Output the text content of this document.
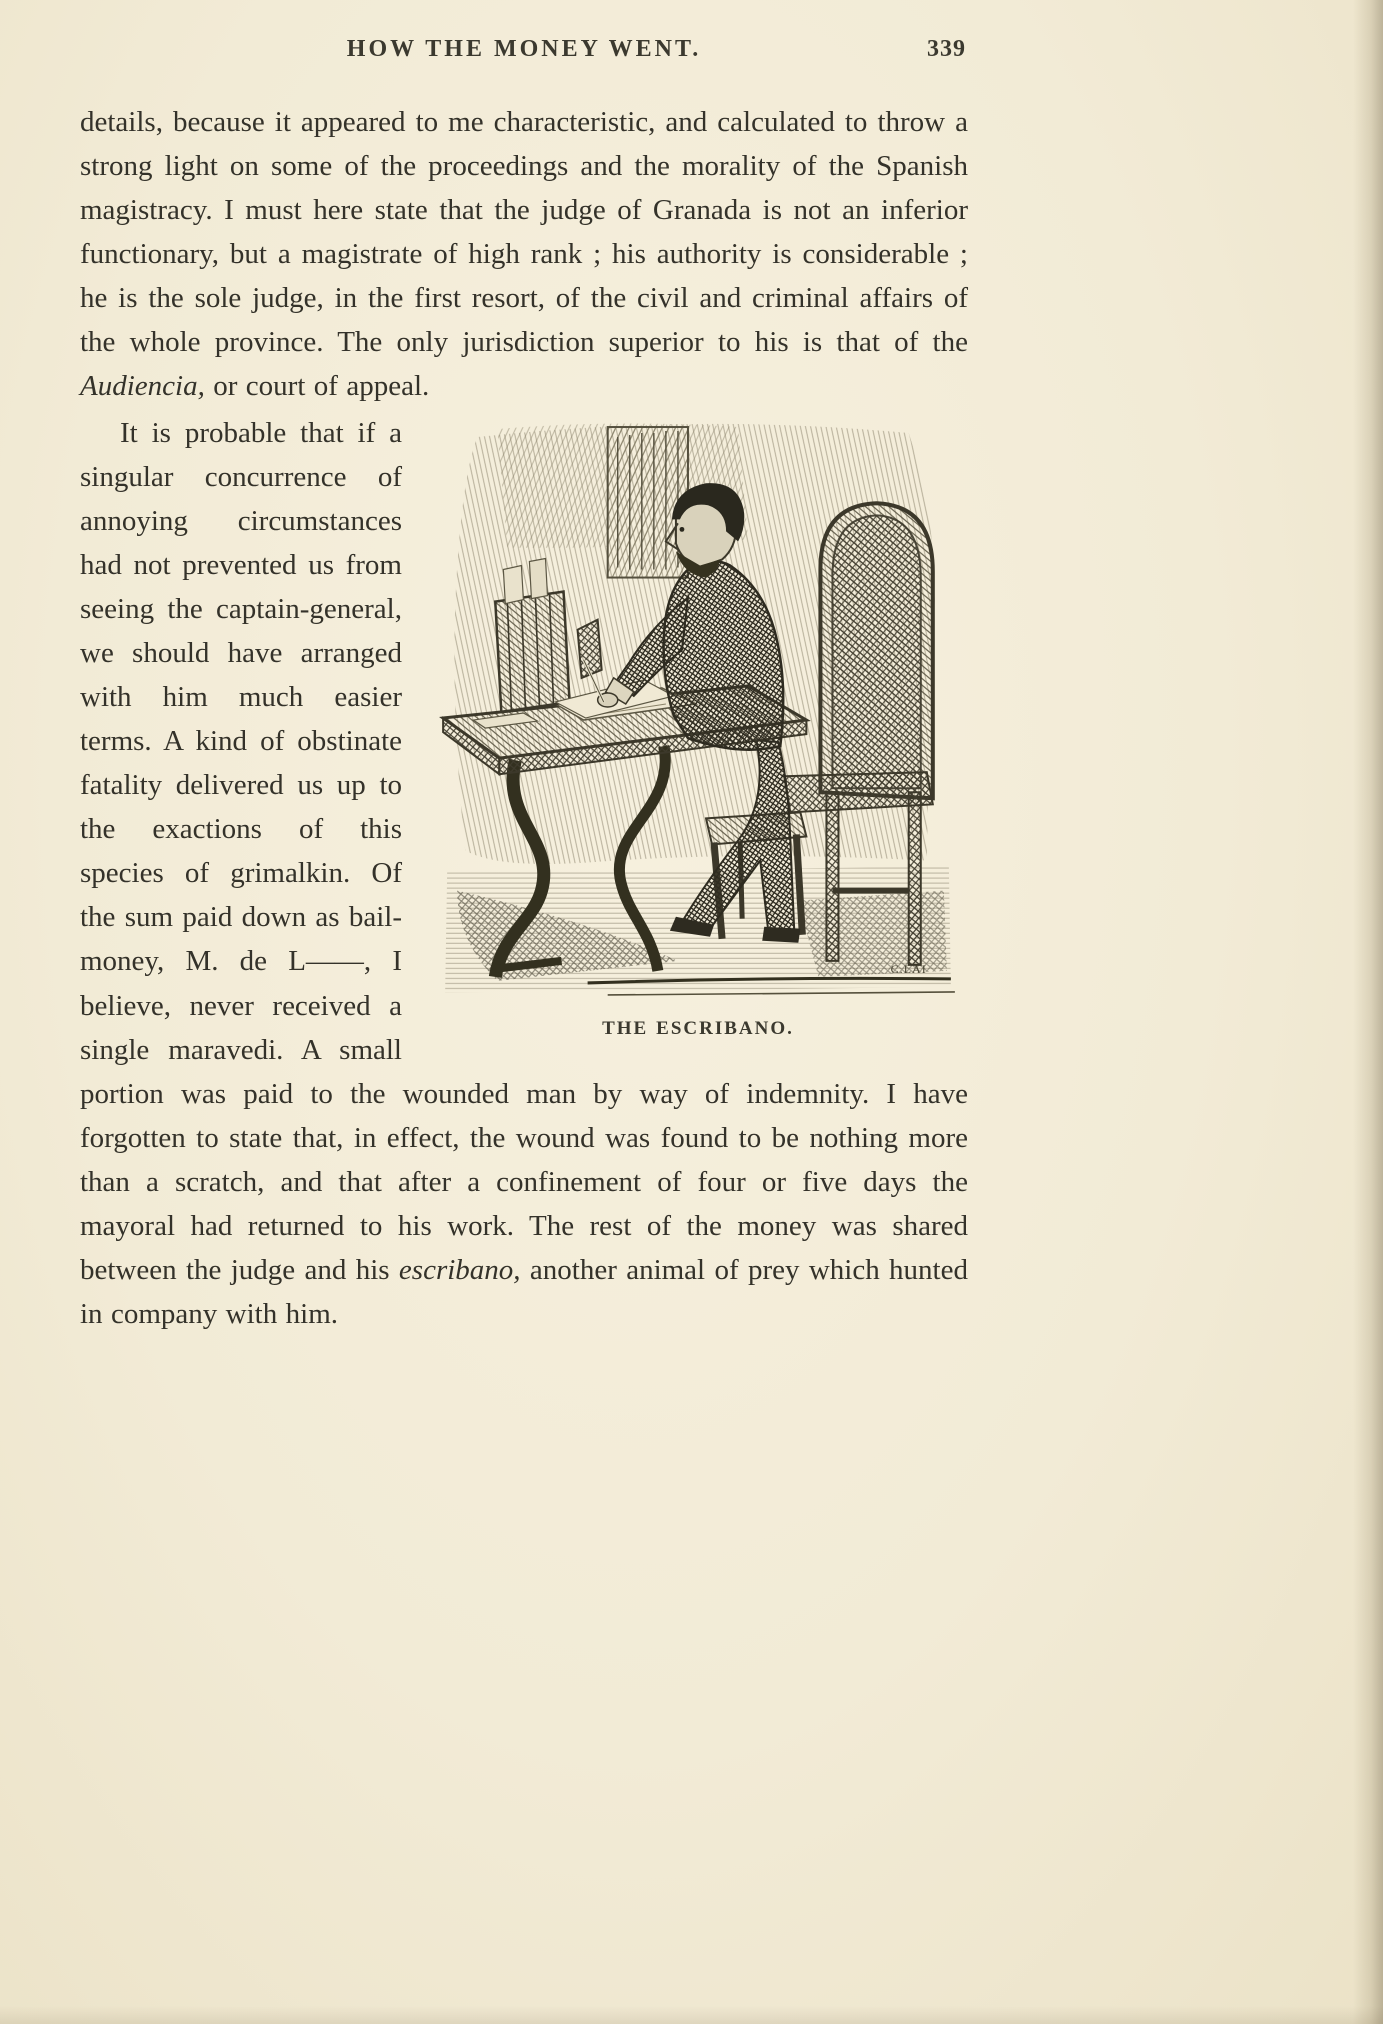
HOW THE MONEY WENT.	339

details, because it appeared to me characteristic, and calculated to throw a strong light on some of the proceedings and the morality of the Spanish magistracy. I must here state that the judge of Granada is not an inferior functionary, but a magistrate of high rank ; his authority is considerable ; he is the sole judge, in the first resort, of the civil and criminal affairs of the whole province. The only jurisdiction superior to his is that of the Audiencia, or court of appeal.

C.LAI
THE ESCRIBANO.
It is probable that if a singular concurrence of annoying circumstances had not prevented us from seeing the captain-general, we should have arranged with him much easier terms. A kind of obstinate fatality delivered us up to the exactions of this species of grimalkin. Of the sum paid down as bail-money, M. de L——, I believe, never received a single maravedi. A small portion was paid to the wounded man by way of indemnity. I have forgotten to state that, in effect, the wound was found to be nothing more than a scratch, and that after a confinement of four or five days the mayoral had returned to his work. The rest of the money was shared between the judge and his escribano, another animal of prey which hunted in company with him.
